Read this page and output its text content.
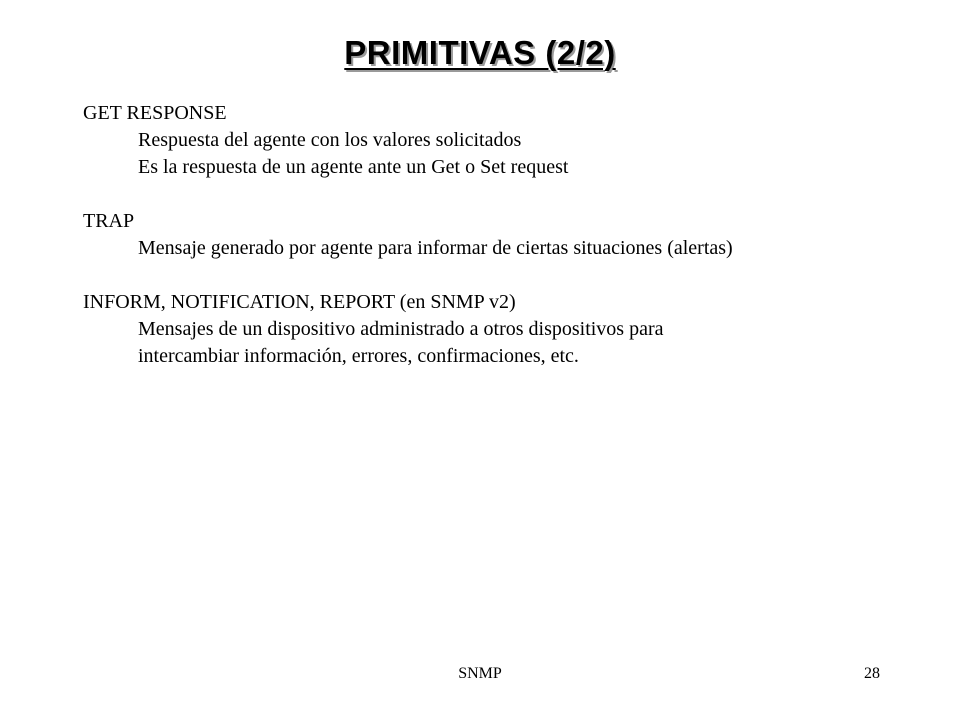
PRIMITIVAS (2/2)
GET RESPONSE
Respuesta del agente con los valores solicitados
Es la respuesta de un agente ante un Get o Set request
TRAP
Mensaje generado por agente para informar de ciertas situaciones (alertas)
INFORM, NOTIFICATION, REPORT (en SNMP v2)
Mensajes de un dispositivo administrado a otros dispositivos para
intercambiar información, errores, confirmaciones, etc.
SNMP	28
